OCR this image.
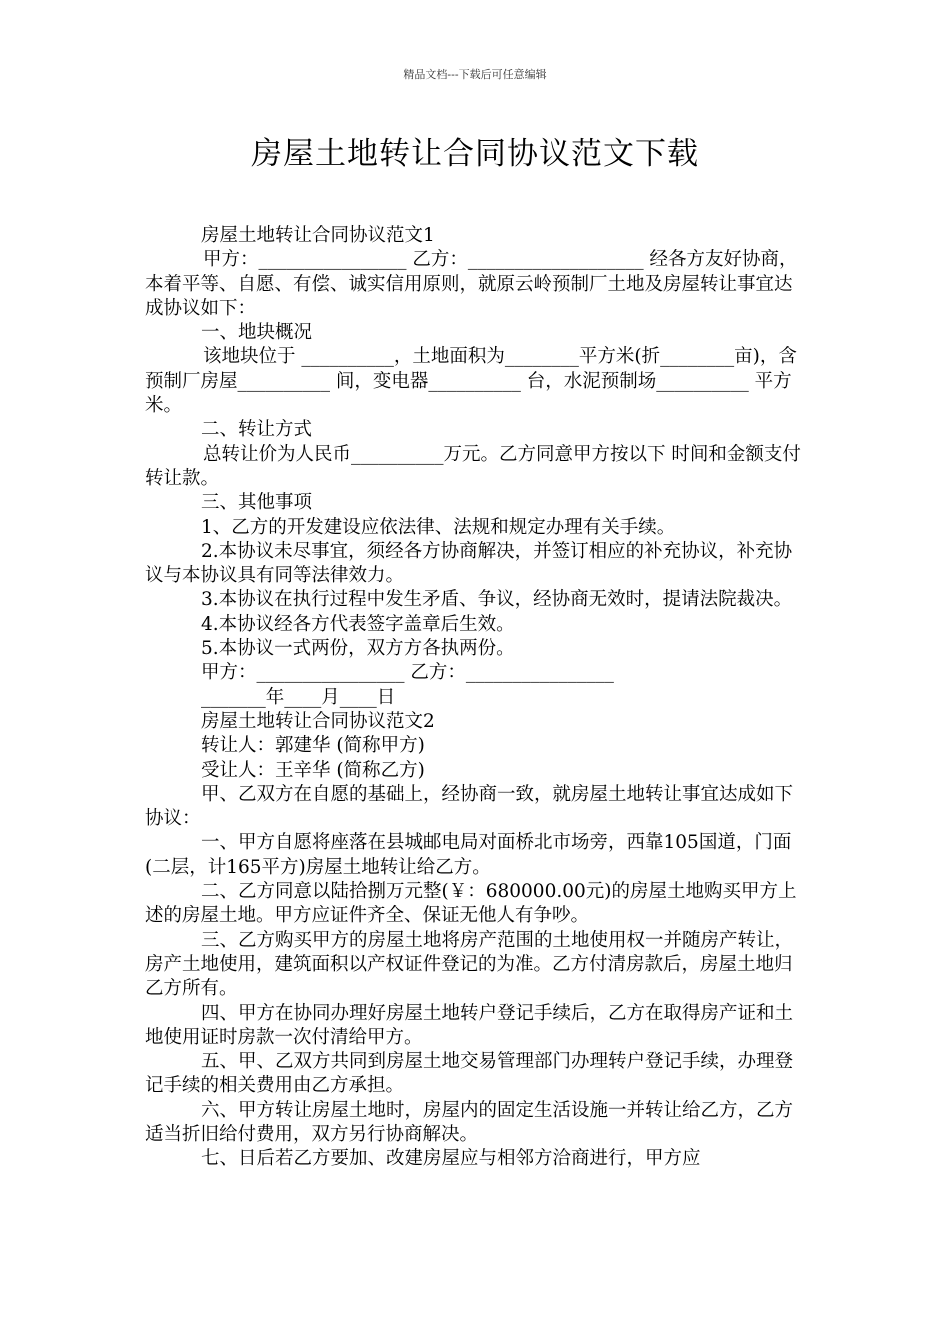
精品文档---下载后可任意编辑
房屋土地转让合同协议范文下载

房屋土地转让合同协议范文1

甲方：________________ 乙方：___________________ 经各方友好协商，本着平等、自愿、有偿、诚实信用原则，就原云岭预制厂土地及房屋转让事宜达成协议如下：

一、地块概况

该地块位于 __________，土地面积为________平方米(折________亩)，含预制厂房屋__________ 间，变电器__________ 台，水泥预制场__________ 平方米。

二、转让方式

总转让价为人民币__________万元。乙方同意甲方按以下 时间和金额支付转让款。

三、其他事项

1、乙方的开发建设应依法律、法规和规定办理有关手续。

2.本协议未尽事宜，须经各方协商解决，并签订相应的补充协议，补充协议与本协议具有同等法律效力。

3.本协议在执行过程中发生矛盾、争议，经协商无效时，提请法院裁决。

4.本协议经各方代表签字盖章后生效。

5.本协议一式两份，双方方各执两份。

甲方：________________ 乙方：________________

_______年____月____日

房屋土地转让合同协议范文2

转让人：郭建华 (简称甲方)

受让人：王辛华 (简称乙方)

甲、乙双方在自愿的基础上，经协商一致，就房屋土地转让事宜达成如下协议：

一、甲方自愿将座落在县城邮电局对面桥北市场旁，西靠105国道，门面(二层，计165平方)房屋土地转让给乙方。

二、乙方同意以陆拾捌万元整(￥：680000.00元)的房屋土地购买甲方上述的房屋土地。甲方应证件齐全、保证无他人有争吵。

三、乙方购买甲方的房屋土地将房产范围的土地使用权一并随房产转让，房产土地使用，建筑面积以产权证件登记的为准。乙方付清房款后，房屋土地归乙方所有。

四、甲方在协同办理好房屋土地转户登记手续后，乙方在取得房产证和土地使用证时房款一次付清给甲方。

五、甲、乙双方共同到房屋土地交易管理部门办理转户登记手续，办理登记手续的相关费用由乙方承担。

六、甲方转让房屋土地时，房屋内的固定生活设施一并转让给乙方，乙方适当折旧给付费用，双方另行协商解决。

七、日后若乙方要加、改建房屋应与相邻方洽商进行，甲方应
